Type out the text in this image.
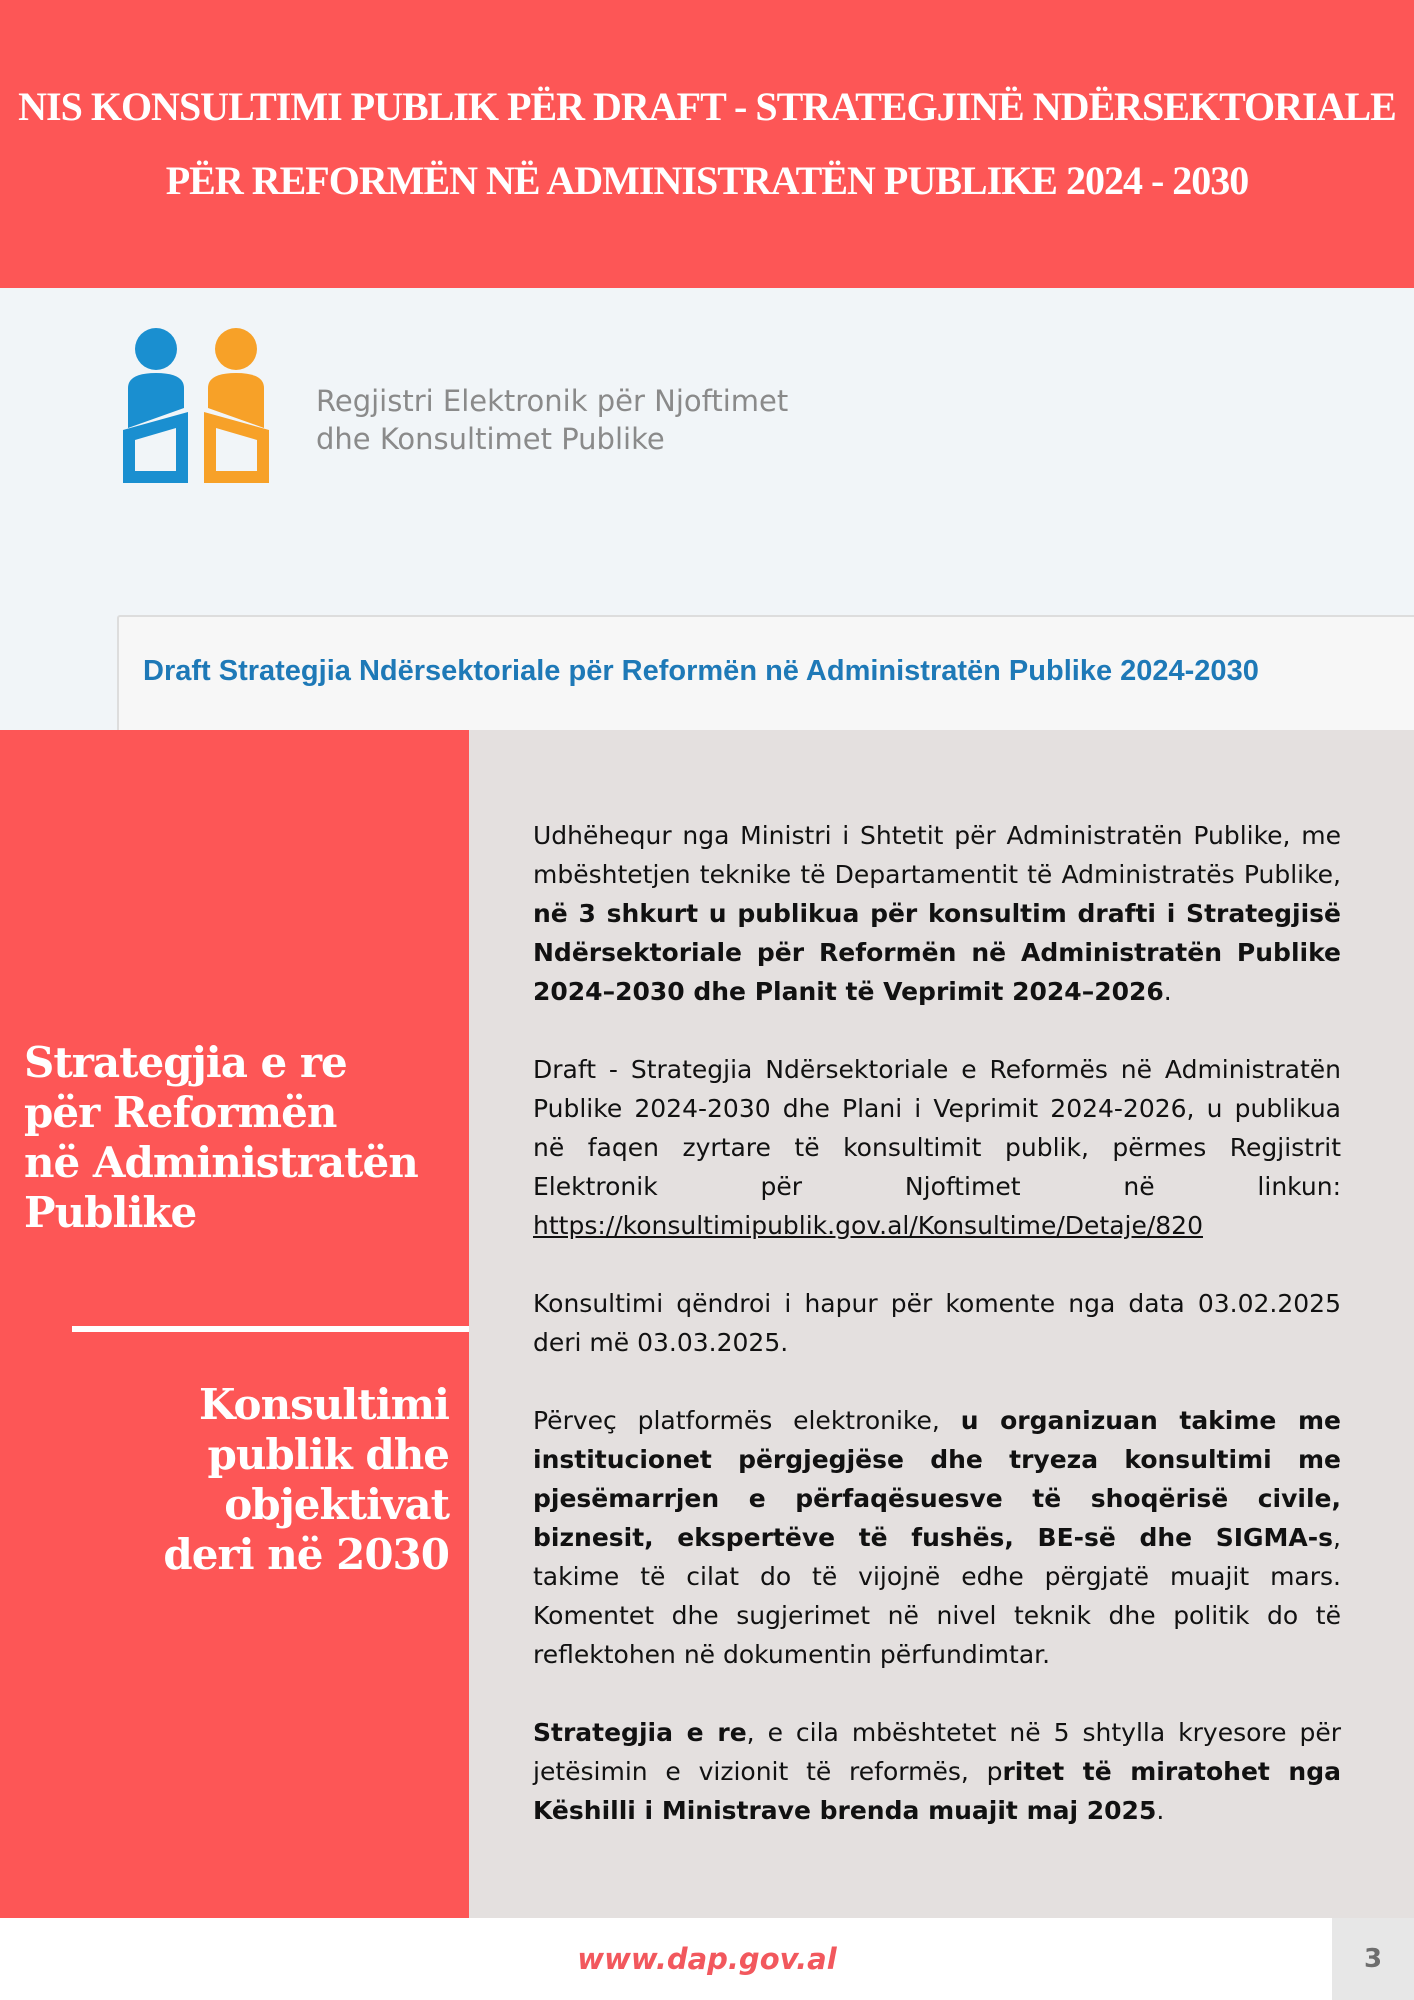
NIS KONSULTIMI PUBLIK PËR DRAFT - STRATEGJINË NDËRSEKTORIALE
PËR REFORMËN NË ADMINISTRATËN PUBLIKE 2024 - 2030
Regjistri Elektronik për Njoftimet
dhe Konsultimet Publike
Draft Strategjia Ndërsektoriale për Reformën në Administratën Publike 2024-2030
Strategjia e re
për Reformën
në Administratën
Publike
Konsultimi
publik dhe
objektivat
deri në 2030

Udhëhequr nga Ministri i Shtetit për Administratën Publike, me mbështetjen teknike të Departamentit të Administratës Publike, në 3 shkurt u publikua për konsultim drafti i Strategjisë Ndërsektoriale për Reformën në Administratën Publike 2024–2030 dhe Planit të Veprimit 2024–2026.

Draft - Strategjia Ndërsektoriale e Reformës në Administratën Publike 2024-2030 dhe Plani i Veprimit 2024-2026, u publikua në faqen zyrtare të konsultimit publik, përmes Regjistrit Elektronik për Njoftimet në linkun: https://konsultimipublik.gov.al/Konsultime/Detaje/820

Konsultimi qëndroi i hapur për komente nga data 03.02.2025 deri më 03.03.2025.

Përveç platformës elektronike, u organizuan takime me institucionet përgjegjëse dhe tryeza konsultimi me pjesëmarrjen e përfaqësuesve të shoqërisë civile, biznesit, ekspertëve të fushës, BE-së dhe SIGMA-s, takime të cilat do të vijojnë edhe përgjatë muajit mars. Komentet dhe sugjerimet në nivel teknik dhe politik do të reflektohen në dokumentin përfundimtar.

Strategjia e re, e cila mbështetet në 5 shtylla kryesore për jetësimin e vizionit të reformës, pritet të miratohet nga Këshilli i Ministrave brenda muajit maj 2025.

www.dap.gov.al	3
